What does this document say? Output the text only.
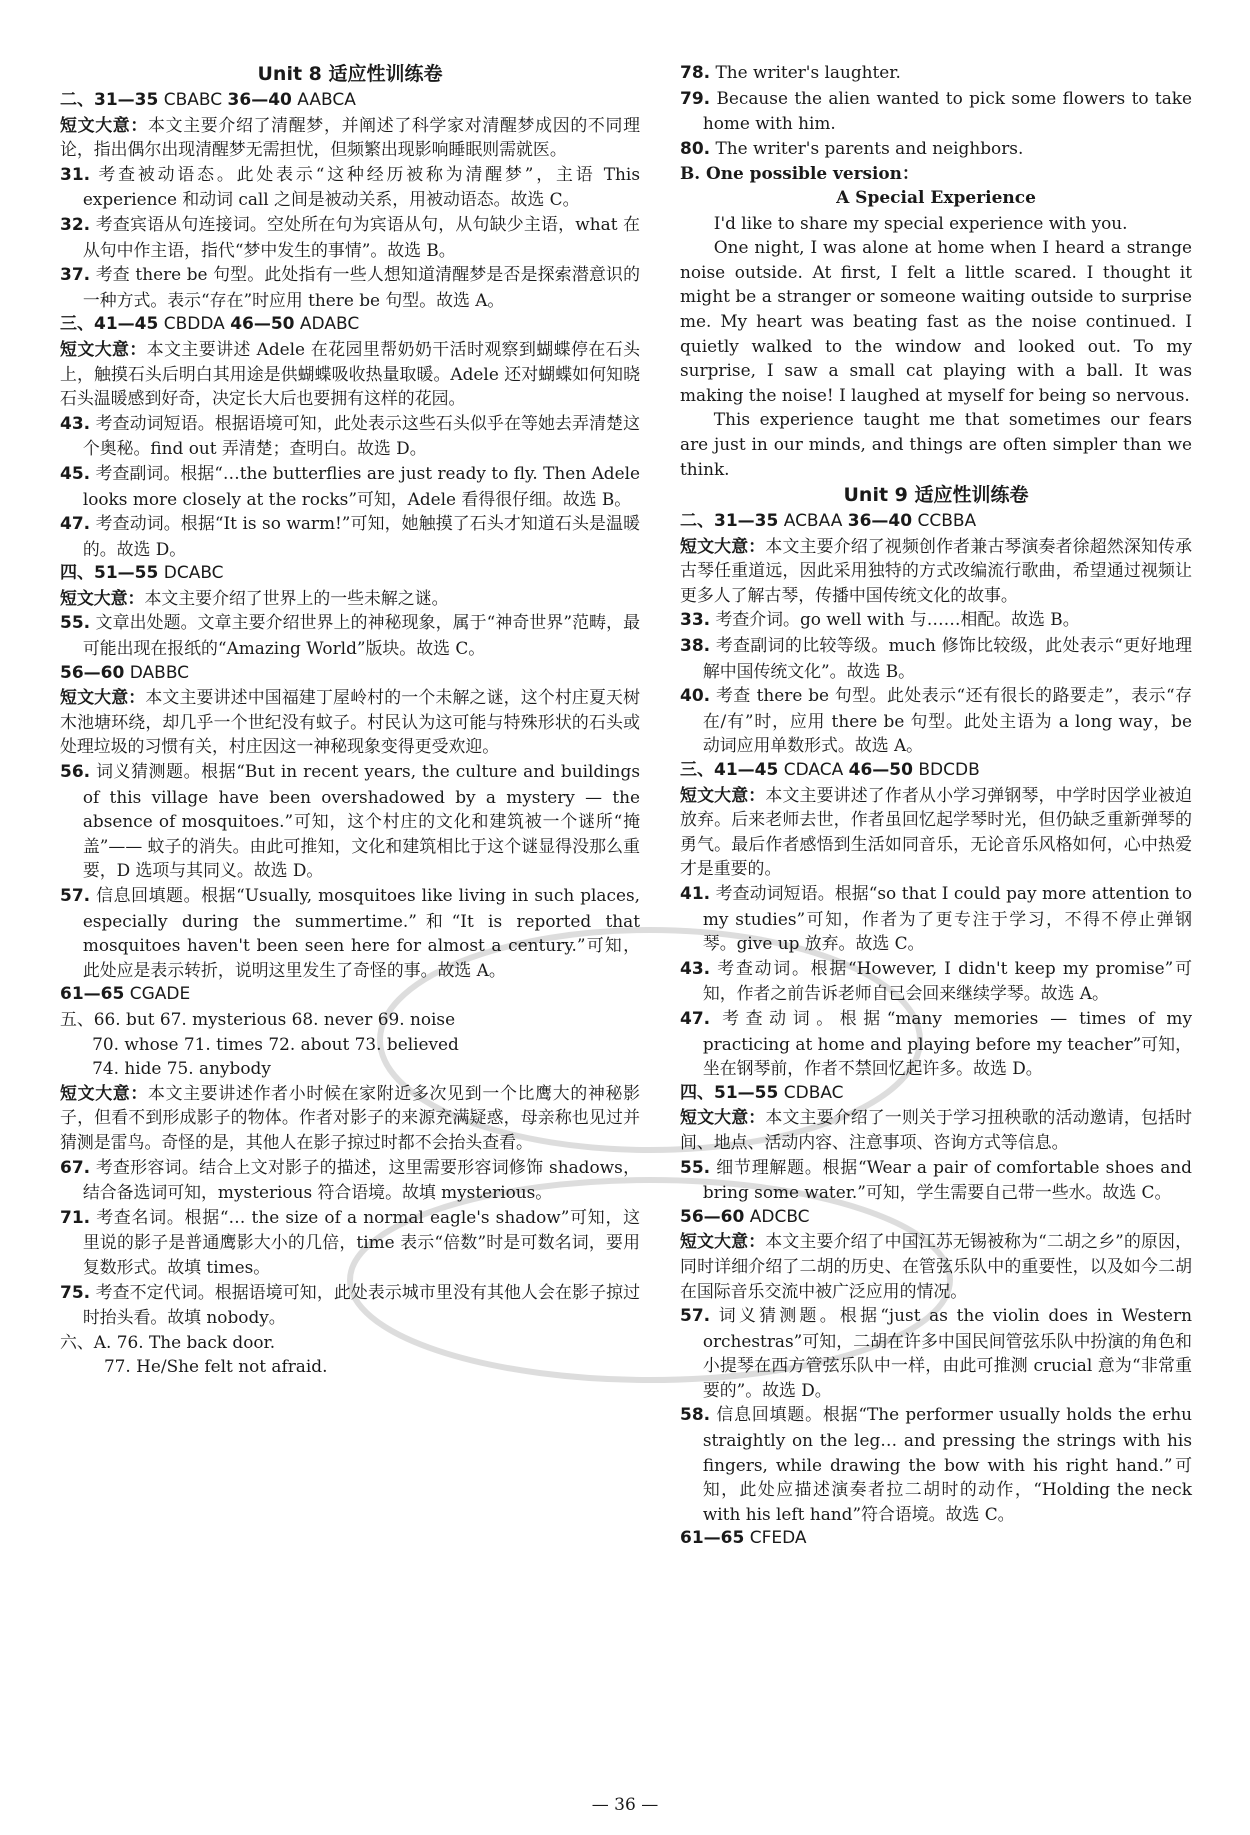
Unit 8 适应性训练卷

二、31—35 CBABC 36—40 AABCA

短文大意：本文主要介绍了清醒梦，并阐述了科学家对清醒梦成因的不同理论，指出偶尔出现清醒梦无需担忧，但频繁出现影响睡眠则需就医。

31. 考查被动语态。此处表示“这种经历被称为清醒梦”，主语 This experience 和动词 call 之间是被动关系，用被动语态。故选 C。

32. 考查宾语从句连接词。空处所在句为宾语从句，从句缺少主语，what 在从句中作主语，指代“梦中发生的事情”。故选 B。

37. 考查 there be 句型。此处指有一些人想知道清醒梦是否是探索潜意识的一种方式。表示“存在”时应用 there be 句型。故选 A。

三、41—45 CBDDA 46—50 ADABC

短文大意：本文主要讲述 Adele 在花园里帮奶奶干活时观察到蝴蝶停在石头上，触摸石头后明白其用途是供蝴蝶吸收热量取暖。Adele 还对蝴蝶如何知晓石头温暖感到好奇，决定长大后也要拥有这样的花园。

43. 考查动词短语。根据语境可知，此处表示这些石头似乎在等她去弄清楚这个奥秘。find out 弄清楚；查明白。故选 D。

45. 考查副词。根据“…the butterflies are just ready to fly. Then Adele looks more closely at the rocks”可知，Adele 看得很仔细。故选 B。

47. 考查动词。根据“It is so warm!”可知，她触摸了石头才知道石头是温暖的。故选 D。

四、51—55 DCABC

短文大意：本文主要介绍了世界上的一些未解之谜。

55. 文章出处题。文章主要介绍世界上的神秘现象，属于“神奇世界”范畴，最可能出现在报纸的“Amazing World”版块。故选 C。

56—60 DABBC

短文大意：本文主要讲述中国福建丁屋岭村的一个未解之谜，这个村庄夏天树木池塘环绕，却几乎一个世纪没有蚊子。村民认为这可能与特殊形状的石头或处理垃圾的习惯有关，村庄因这一神秘现象变得更受欢迎。

56. 词义猜测题。根据“But in recent years, the culture and buildings of this village have been overshadowed by a mystery — the absence of mosquitoes.”可知，这个村庄的文化和建筑被一个谜所“掩盖”—— 蚊子的消失。由此可推知，文化和建筑相比于这个谜显得没那么重要，D 选项与其同义。故选 D。

57. 信息回填题。根据“Usually, mosquitoes like living in such places, especially during the summertime.”和“It is reported that mosquitoes haven't been seen here for almost a century.”可知，此处应是表示转折，说明这里发生了奇怪的事。故选 A。

61—65 CGADE

五、66. but 67. mysterious 68. never 69. noise

70. whose 71. times 72. about 73. believed

74. hide 75. anybody

短文大意：本文主要讲述作者小时候在家附近多次见到一个比鹰大的神秘影子，但看不到形成影子的物体。作者对影子的来源充满疑惑，母亲称也见过并猜测是雷鸟。奇怪的是，其他人在影子掠过时都不会抬头查看。

67. 考查形容词。结合上文对影子的描述，这里需要形容词修饰 shadows，结合备选词可知，mysterious 符合语境。故填 mysterious。

71. 考查名词。根据“… the size of a normal eagle's shadow”可知，这里说的影子是普通鹰影大小的几倍，time 表示“倍数”时是可数名词，要用复数形式。故填 times。

75. 考查不定代词。根据语境可知，此处表示城市里没有其他人会在影子掠过时抬头看。故填 nobody。

六、A. 76. The back door.

77. He/She felt not afraid.

78. The writer's laughter.

79. Because the alien wanted to pick some flowers to take home with him.

80. The writer's parents and neighbors.

B. One possible version：

A Special Experience

I'd like to share my special experience with you.

One night, I was alone at home when I heard a strange noise outside. At first, I felt a little scared. I thought it might be a stranger or someone waiting outside to surprise me. My heart was beating fast as the noise continued. I quietly walked to the window and looked out. To my surprise, I saw a small cat playing with a ball. It was making the noise! I laughed at myself for being so nervous.

This experience taught me that sometimes our fears are just in our minds, and things are often simpler than we think.

Unit 9 适应性训练卷

二、31—35 ACBAA 36—40 CCBBA

短文大意：本文主要介绍了视频创作者兼古琴演奏者徐超然深知传承古琴任重道远，因此采用独特的方式改编流行歌曲，希望通过视频让更多人了解古琴，传播中国传统文化的故事。

33. 考查介词。go well with 与……相配。故选 B。

38. 考查副词的比较等级。much 修饰比较级，此处表示“更好地理解中国传统文化”。故选 B。

40. 考查 there be 句型。此处表示“还有很长的路要走”，表示“存在/有”时，应用 there be 句型。此处主语为 a long way，be 动词应用单数形式。故选 A。

三、41—45 CDACA 46—50 BDCDB

短文大意：本文主要讲述了作者从小学习弹钢琴，中学时因学业被迫放弃。后来老师去世，作者虽回忆起学琴时光，但仍缺乏重新弹琴的勇气。最后作者感悟到生活如同音乐，无论音乐风格如何，心中热爱才是重要的。

41. 考查动词短语。根据“so that I could pay more attention to my studies”可知，作者为了更专注于学习，不得不停止弹钢琴。give up 放弃。故选 C。

43. 考查动词。根据“However, I didn't keep my promise”可知，作者之前告诉老师自己会回来继续学琴。故选 A。

47. 考查动词。根据“many memories — times of my practicing at home and playing before my teacher”可知，坐在钢琴前，作者不禁回忆起许多。故选 D。

四、51—55 CDBAC

短文大意：本文主要介绍了一则关于学习扭秧歌的活动邀请，包括时间、地点、活动内容、注意事项、咨询方式等信息。

55. 细节理解题。根据“Wear a pair of comfortable shoes and bring some water.”可知，学生需要自己带一些水。故选 C。

56—60 ADCBC

短文大意：本文主要介绍了中国江苏无锡被称为“二胡之乡”的原因，同时详细介绍了二胡的历史、在管弦乐队中的重要性，以及如今二胡在国际音乐交流中被广泛应用的情况。

57. 词义猜测题。根据“just as the violin does in Western orchestras”可知，二胡在许多中国民间管弦乐队中扮演的角色和小提琴在西方管弦乐队中一样，由此可推测 crucial 意为“非常重要的”。故选 D。

58. 信息回填题。根据“The performer usually holds the erhu straightly on the leg… and pressing the strings with his fingers, while drawing the bow with his right hand.”可知，此处应描述演奏者拉二胡时的动作，“Holding the neck with his left hand”符合语境。故选 C。

61—65 CFEDA

— 36 —
